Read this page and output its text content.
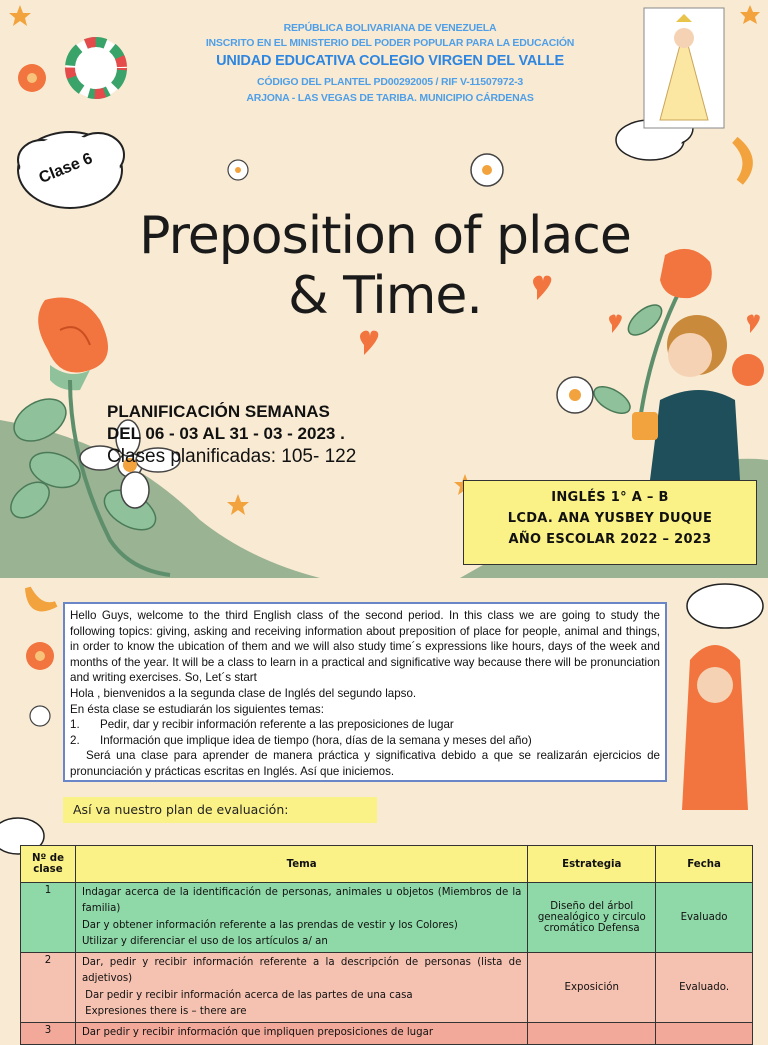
REPÚBLICA BOLIVARIANA DE VENEZUELA
INSCRITO EN EL MINISTERIO DEL PODER POPULAR PARA LA EDUCACIÓN
UNIDAD EDUCATIVA COLEGIO VIRGEN DEL VALLE
CÓDIGO DEL PLANTEL PD00292005 / RIF V-11507972-3
ARJONA - LAS VEGAS DE TARIBA. MUNICIPIO CÁRDENAS
Clase 6
Preposition of place
& Time.
PLANIFICACIÓN SEMANAS
DEL 06 - 03 AL 31 - 03 - 2023 .
Clases planificadas: 105- 122
INGLÉS 1° A – B
LCDA. ANA YUSBEY DUQUE
AÑO ESCOLAR 2022 – 2023

Hello Guys, welcome to the third English class of the second period. In this class we are going to study the following topics: giving, asking and receiving information about preposition of place for people, animal and things, in order to know the ubication of them and we will also study time´s expressions like hours, days of the week and months of the year. It will be a class to learn in a practical and significative way because there will be pronunciation and writing exercises. So, Let´s start

Hola , bienvenidos a la segunda clase de Inglés del segundo lapso.

En ésta clase se estudiarán los siguientes temas:

1.	Pedir, dar y recibir información referente a las preposiciones de lugar
2.	Información que implique idea de tiempo (hora, días de la semana y meses del año)

Será una clase para aprender de manera práctica y significativa debido a que se realizarán ejercicios de pronunciación y prácticas escritas en Inglés. Así que iniciemos.

Así va nuestro plan de evaluación:
Nº de clase	Tema	Estrategia	Fecha
1	Indagar acerca de la identificación de personas, animales u objetos (Miembros de la familia)
Dar y obtener información referente a las prendas de vestir y los Colores)
Utilizar y diferenciar el uso de los artículos a/ an	Diseño del árbol genealógico y circulo cromático Defensa	Evaluado
2	Dar, pedir y recibir información referente a la descripción de personas (lista de adjetivos)
Dar pedir y recibir información acerca de las partes de una casa
Expresiones there is – there are	Exposición	Evaluado.
3	Dar pedir y recibir información que impliquen preposiciones de lugar		
